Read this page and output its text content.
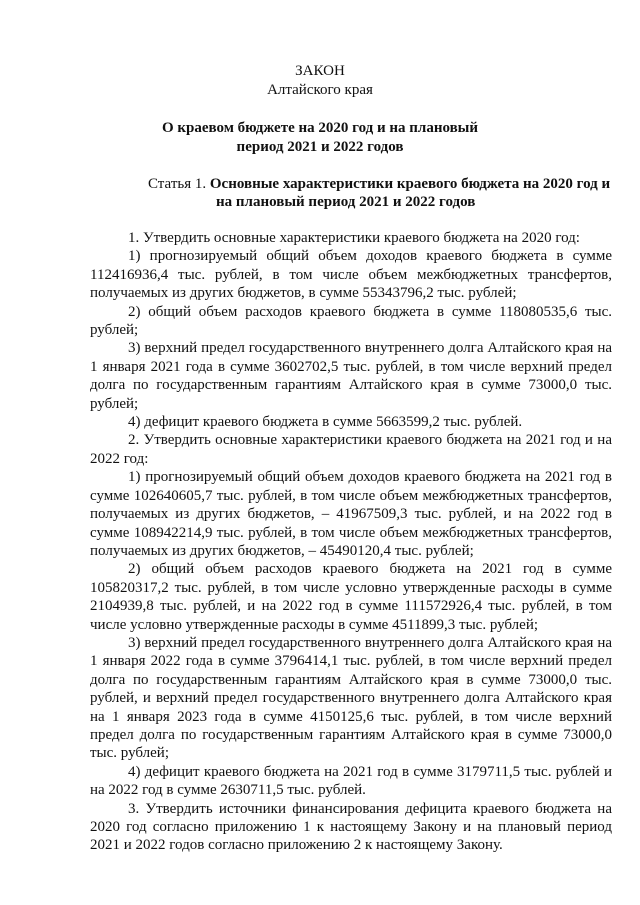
ЗАКОН
Алтайского края
О краевом бюджете на 2020 год и на плановый
период 2021 и 2022 годов
Статья 1. Основные характеристики краевого бюджета на 2020 год и
на плановый период 2021 и 2022 годов

1. Утвердить основные характеристики краевого бюджета на 2020 год:

1) прогнозируемый общий объем доходов краевого бюджета в сумме 112416936,4 тыс. рублей, в том числе объем межбюджетных трансфертов, получаемых из других бюджетов, в сумме 55343796,2 тыс. рублей;

2) общий объем расходов краевого бюджета в сумме 118080535,6 тыс. рублей;

3) верхний предел государственного внутреннего долга Алтайского края на 1 января 2021 года в сумме 3602702,5 тыс. рублей, в том числе верхний предел долга по государственным гарантиям Алтайского края в сумме 73000,0 тыс. рублей;

4) дефицит краевого бюджета в сумме 5663599,2 тыс. рублей.

2. Утвердить основные характеристики краевого бюджета на 2021 год и на 2022 год:

1) прогнозируемый общий объем доходов краевого бюджета на 2021 год в сумме 102640605,7 тыс. рублей, в том числе объем межбюджетных трансфертов, получаемых из других бюджетов, – 41967509,3 тыс. рублей, и на 2022 год в сумме 108942214,9 тыс. рублей, в том числе объем межбюджетных трансфертов, получаемых из других бюджетов, – 45490120,4 тыс. рублей;

2) общий объем расходов краевого бюджета на 2021 год в сумме 105820317,2 тыс. рублей, в том числе условно утвержденные расходы в сумме 2104939,8 тыс. рублей, и на 2022 год в сумме 111572926,4 тыс. рублей, в том числе условно утвержденные расходы в сумме 4511899,3 тыс. рублей;

3) верхний предел государственного внутреннего долга Алтайского края на 1 января 2022 года в сумме 3796414,1 тыс. рублей, в том числе верхний предел долга по государственным гарантиям Алтайского края в сумме 73000,0 тыс. рублей, и верхний предел государственного внутреннего долга Алтайского края на 1 января 2023 года в сумме 4150125,6 тыс. рублей, в том числе верхний предел долга по государственным гарантиям Алтайского края в сумме 73000,0 тыс. рублей;

4) дефицит краевого бюджета на 2021 год в сумме 3179711,5 тыс. рублей и на 2022 год в сумме 2630711,5 тыс. рублей.

3. Утвердить источники финансирования дефицита краевого бюджета на 2020 год согласно приложению 1 к настоящему Закону и на плановый период 2021 и 2022 годов согласно приложению 2 к настоящему Закону.
